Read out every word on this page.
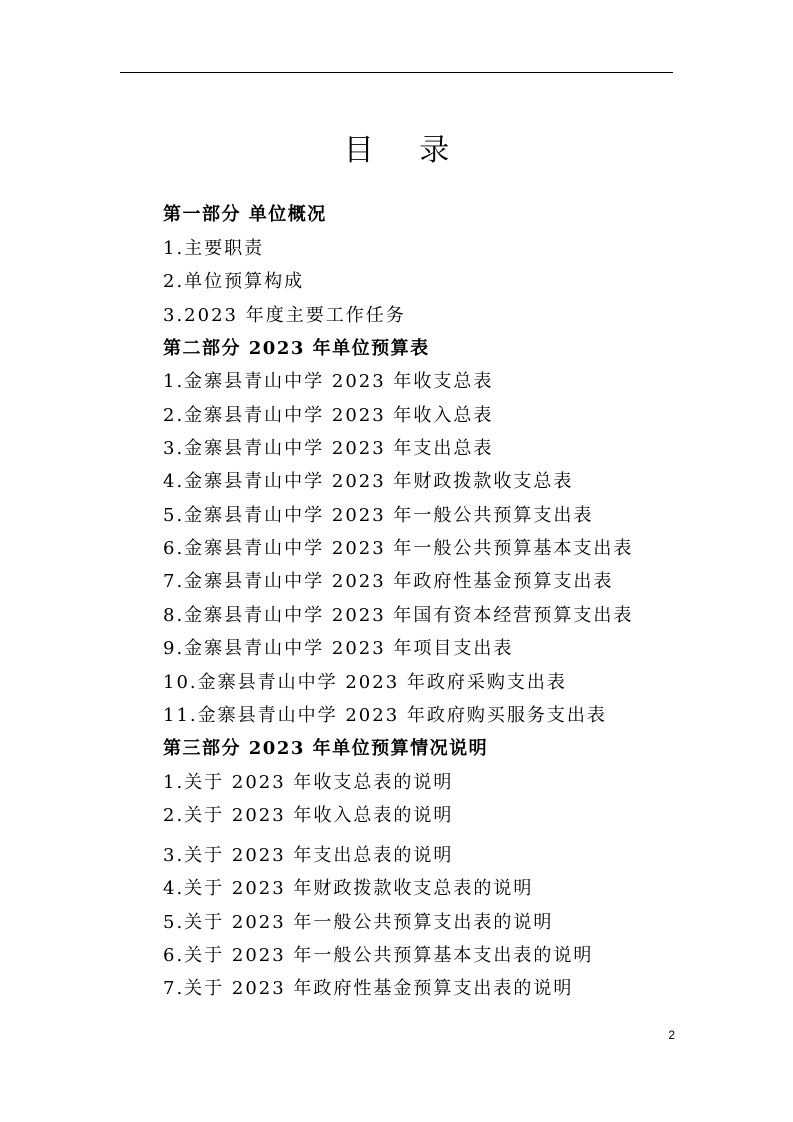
目 录
第一部分 单位概况
1.主要职责
2.单位预算构成
3.2023 年度主要工作任务
第二部分 2023 年单位预算表
1.金寨县青山中学 2023 年收支总表
2.金寨县青山中学 2023 年收入总表
3.金寨县青山中学 2023 年支出总表
4.金寨县青山中学 2023 年财政拨款收支总表
5.金寨县青山中学 2023 年一般公共预算支出表
6.金寨县青山中学 2023 年一般公共预算基本支出表
7.金寨县青山中学 2023 年政府性基金预算支出表
8.金寨县青山中学 2023 年国有资本经营预算支出表
9.金寨县青山中学 2023 年项目支出表
10.金寨县青山中学 2023 年政府采购支出表
11.金寨县青山中学 2023 年政府购买服务支出表
第三部分 2023 年单位预算情况说明
1.关于 2023 年收支总表的说明
2.关于 2023 年收入总表的说明
3.关于 2023 年支出总表的说明
4.关于 2023 年财政拨款收支总表的说明
5.关于 2023 年一般公共预算支出表的说明
6.关于 2023 年一般公共预算基本支出表的说明
7.关于 2023 年政府性基金预算支出表的说明
2
